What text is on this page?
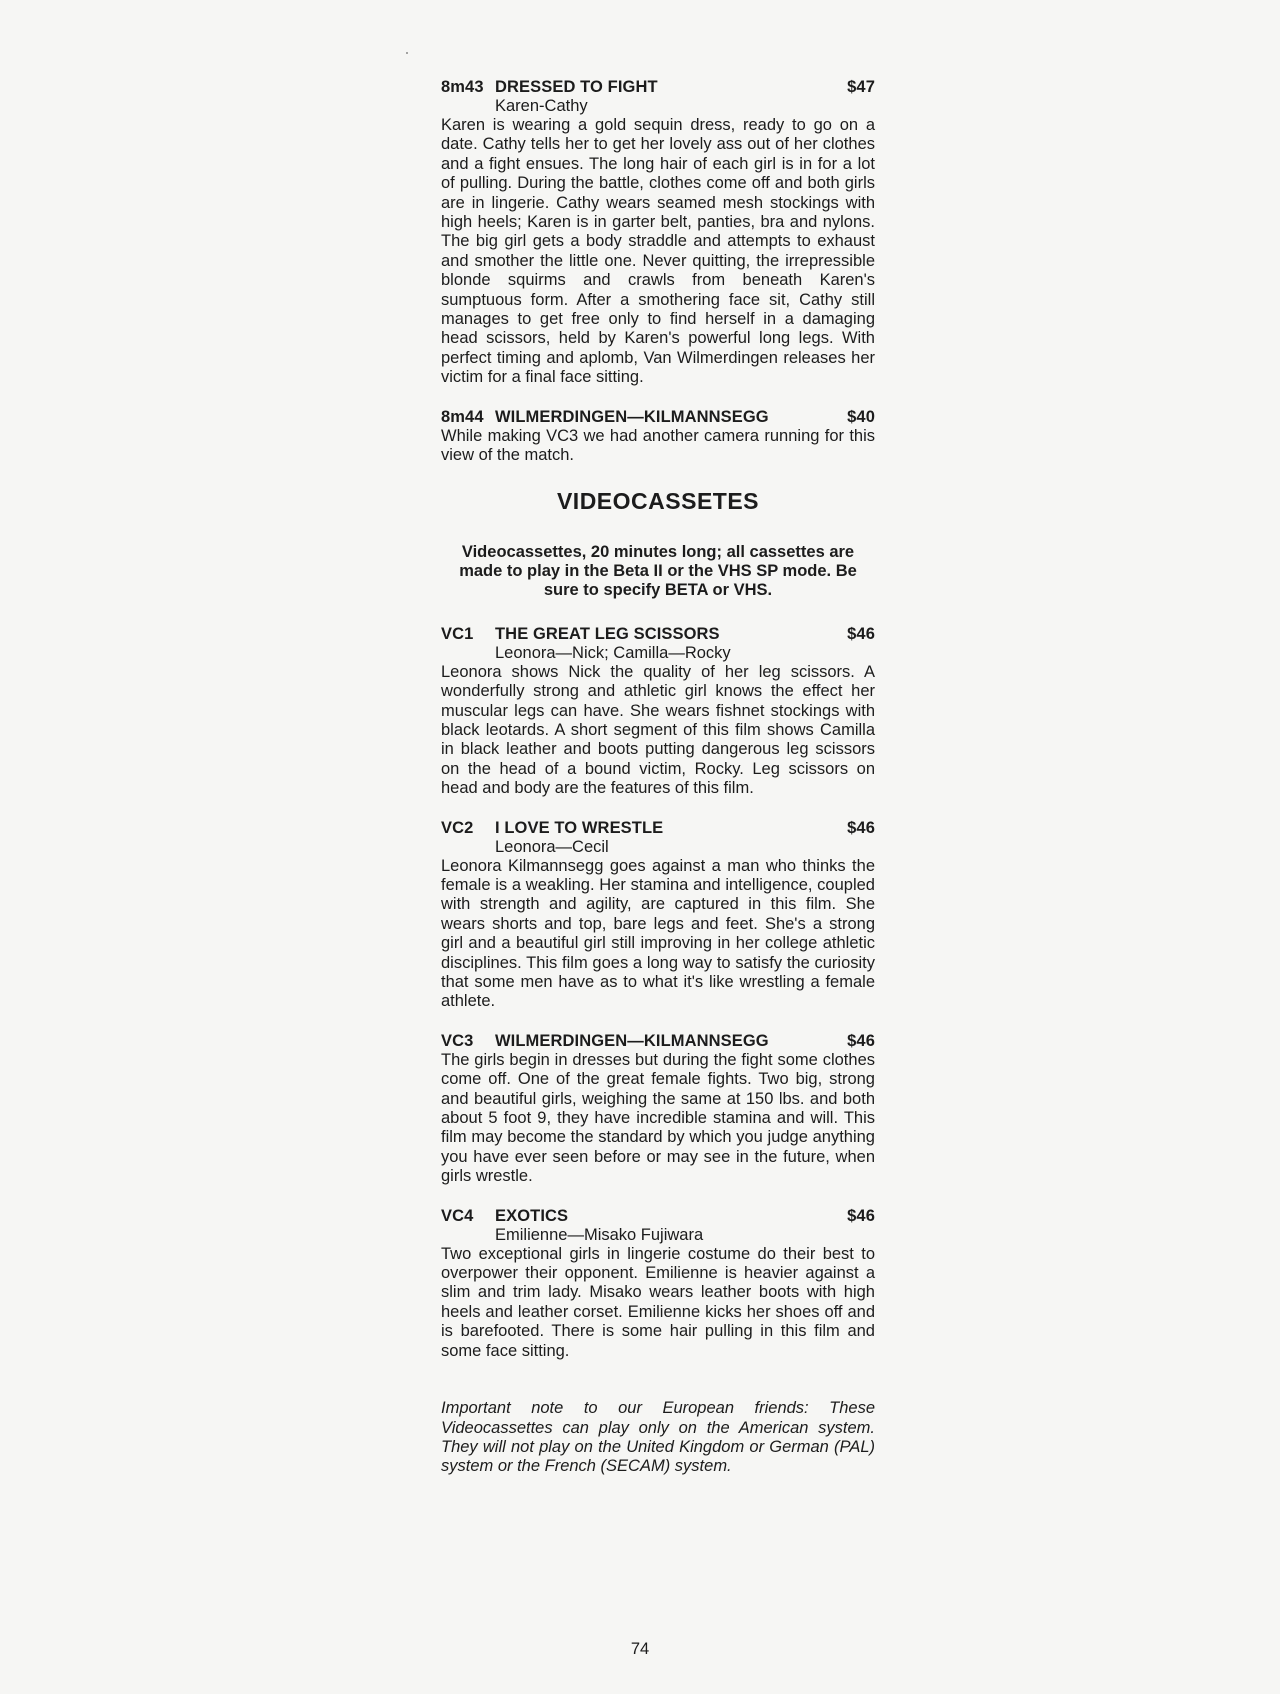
8m43 DRESSED TO FIGHT	$47
Karen-Cathy

Karen is wearing a gold sequin dress, ready to go on a date. Cathy tells her to get her lovely ass out of her clothes and a fight ensues. The long hair of each girl is in for a lot of pulling. During the battle, clothes come off and both girls are in lingerie. Cathy wears seamed mesh stockings with high heels; Karen is in garter belt, panties, bra and nylons. The big girl gets a body straddle and attempts to exhaust and smother the little one. Never quitting, the irrepressible blonde squirms and crawls from beneath Karen's sumptuous form. After a smothering face sit, Cathy still manages to get free only to find herself in a damaging head scissors, held by Karen's powerful long legs. With perfect timing and aplomb, Van Wilmerdingen releases her victim for a final face sitting.

8m44 WILMERDINGEN—KILMANNSEGG	$40

While making VC3 we had another camera running for this view of the match.

VIDEOCASSETES
Videocassettes, 20 minutes long; all cassettes are made to play in the Beta II or the VHS SP mode. Be sure to specify BETA or VHS.
VC1	THE GREAT LEG SCISSORS	$46
Leonora—Nick; Camilla—Rocky

Leonora shows Nick the quality of her leg scissors. A wonderfully strong and athletic girl knows the effect her muscular legs can have. She wears fishnet stockings with black leotards. A short segment of this film shows Camilla in black leather and boots putting dangerous leg scissors on the head of a bound victim, Rocky. Leg scissors on head and body are the features of this film.

VC2	I LOVE TO WRESTLE	$46
Leonora—Cecil

Leonora Kilmannsegg goes against a man who thinks the female is a weakling. Her stamina and intelligence, coupled with strength and agility, are captured in this film. She wears shorts and top, bare legs and feet. She's a strong girl and a beautiful girl still improving in her college athletic disciplines. This film goes a long way to satisfy the curiosity that some men have as to what it's like wrestling a female athlete.

VC3	WILMERDINGEN—KILMANNSEGG	$46

The girls begin in dresses but during the fight some clothes come off. One of the great female fights. Two big, strong and beautiful girls, weighing the same at 150 lbs. and both about 5 foot 9, they have incredible stamina and will. This film may become the standard by which you judge anything you have ever seen before or may see in the future, when girls wrestle.

VC4	EXOTICS	$46
Emilienne—Misako Fujiwara

Two exceptional girls in lingerie costume do their best to overpower their opponent. Emilienne is heavier against a slim and trim lady. Misako wears leather boots with high heels and leather corset. Emilienne kicks her shoes off and is barefooted. There is some hair pulling in this film and some face sitting.

Important note to our European friends: These Videocassettes can play only on the American system. They will not play on the United Kingdom or German (PAL) system or the French (SECAM) system.

74
